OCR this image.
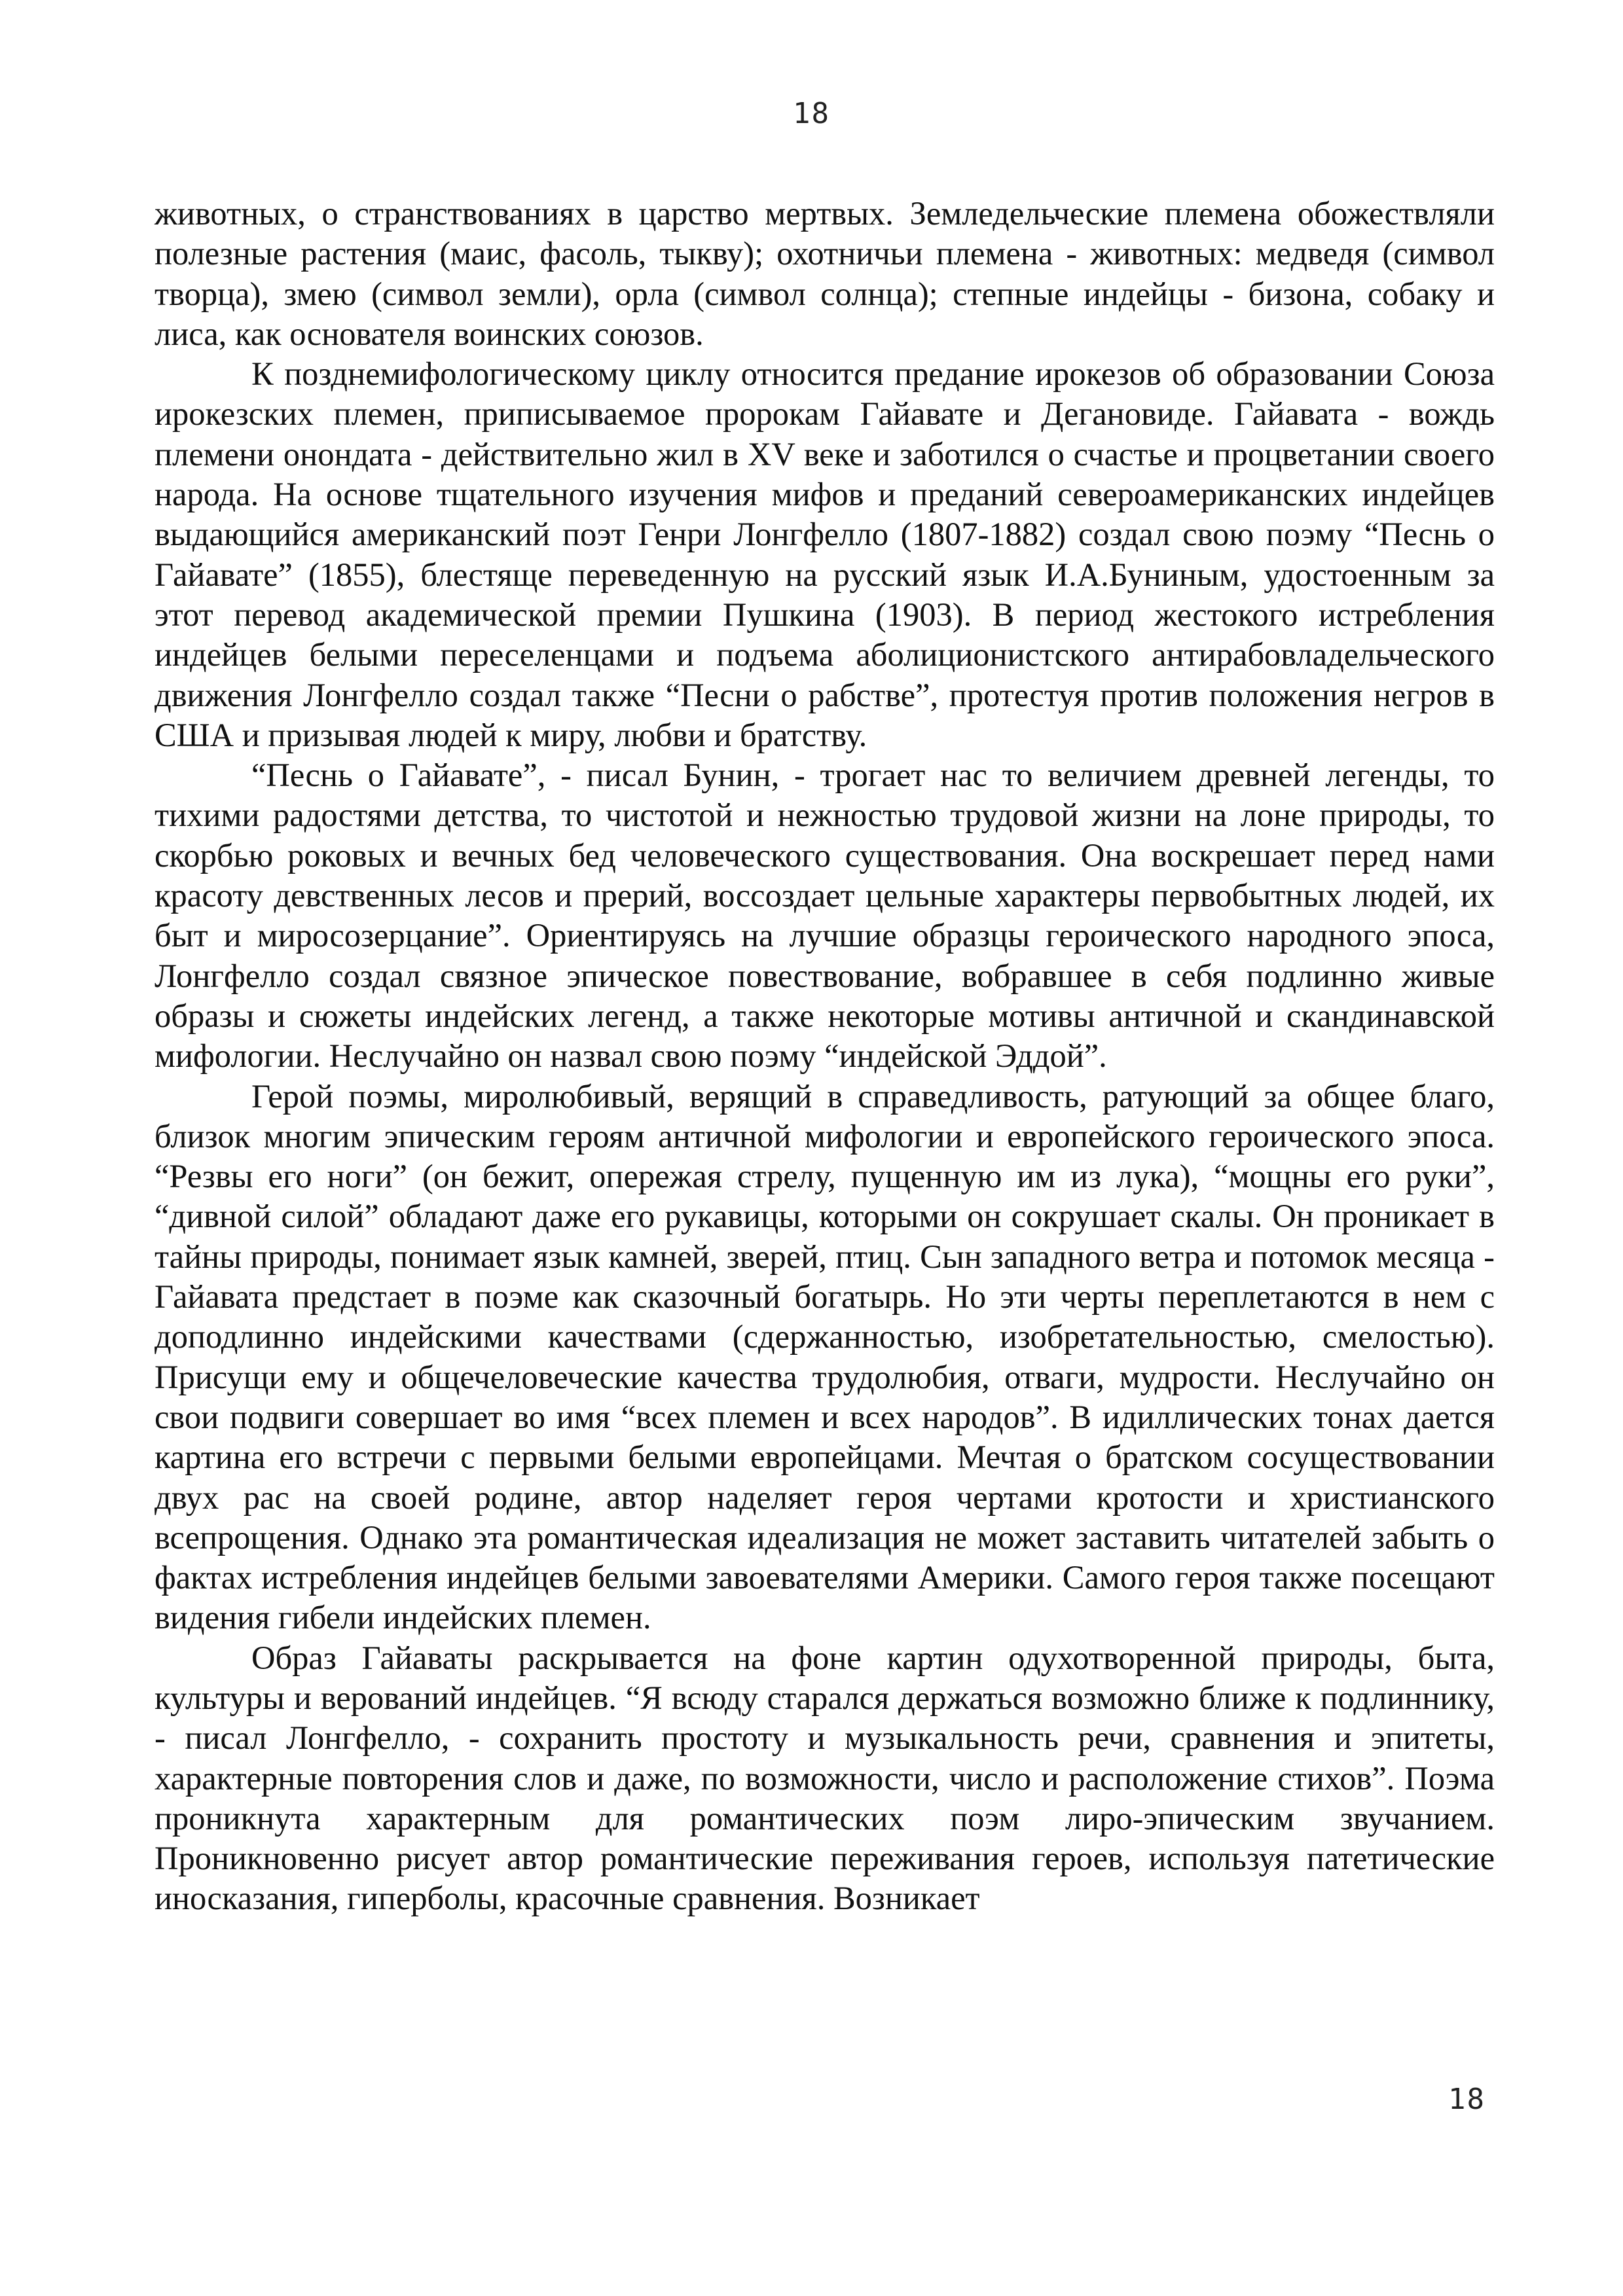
18

животных, о странствованиях в царство мертвых. Земледельческие племена обожествляли полезные растения (маис, фасоль, тыкву); охотничьи племена - животных: медведя (символ творца), змею (символ земли), орла (символ солнца); степные индейцы - бизона, собаку и лиса, как основателя воинских союзов.

К позднемифологическому циклу относится предание ирокезов об образовании Союза ирокезских племен, приписываемое пророкам Гайавате и Дегановиде. Гайавата - вождь племени онондата - действительно жил в XV веке и заботился о счастье и процветании своего народа. На основе тщательного изучения мифов и преданий североамериканских индейцев выдающийся американский поэт Генри Лонгфелло (1807-1882) создал свою поэму “Песнь о Гайавате” (1855), блестяще переведенную на русский язык И.А.Буниным, удостоенным за этот перевод академической премии Пушкина (1903). В период жестокого истребления индейцев белыми переселенцами и подъема аболиционистского антирабовладельческого движения Лонгфелло создал также “Песни о рабстве”, протестуя против положения негров в США и призывая людей к миру, любви и братству.

“Песнь о Гайавате”, - писал Бунин, - трогает нас то величием древней легенды, то тихими радостями детства, то чистотой и нежностью трудовой жизни на лоне природы, то скорбью роковых и вечных бед человеческого существования. Она воскрешает перед нами красоту девственных лесов и прерий, воссоздает цельные характеры первобытных людей, их быт и миросозерцание”. Ориентируясь на лучшие образцы героического народного эпоса, Лонгфелло создал связное эпическое повествование, вобравшее в себя подлинно живые образы и сюжеты индейских легенд, а также некоторые мотивы античной и скандинавской мифологии. Неслучайно он назвал свою поэму “индейской Эддой”.

Герой поэмы, миролюбивый, верящий в справедливость, ратующий за общее благо, близок многим эпическим героям античной мифологии и европейского героического эпоса. “Резвы его ноги” (он бежит, опережая стрелу, пущенную им из лука), “мощны его руки”, “дивной силой” обладают даже его рукавицы, которыми он сокрушает скалы. Он проникает в тайны природы, понимает язык камней, зверей, птиц. Сын западного ветра и потомок месяца - Гайавата предстает в поэме как сказочный богатырь. Но эти черты переплетаются в нем с доподлинно индейскими качествами (сдержанностью, изобретательностью, смелостью). Присущи ему и общечеловеческие качества трудолюбия, отваги, мудрости. Неслучайно он свои подвиги совершает во имя “всех племен и всех народов”. В идиллических тонах дается картина его встречи с первыми белыми европейцами. Мечтая о братском сосуществовании двух рас на своей родине, автор наделяет героя чертами кротости и христианского всепрощения. Однако эта романтическая идеализация не может заставить читателей забыть о фактах истребления индейцев белыми завоевателями Америки. Самого героя также посещают видения гибели индейских племен.

Образ Гайаваты раскрывается на фоне картин одухотворенной природы, быта, культуры и верований индейцев. “Я всюду старался держаться возможно ближе к подлиннику, - писал Лонгфелло, - сохранить простоту и музыкальность речи, сравнения и эпитеты, характерные повторения слов и даже, по возможности, число и расположение стихов”. Поэма проникнута характерным для романтических поэм лиро-эпическим звучанием. Проникновенно рисует автор романтические переживания героев, используя патетические иносказания, гиперболы, красочные сравнения. Возникает

18
